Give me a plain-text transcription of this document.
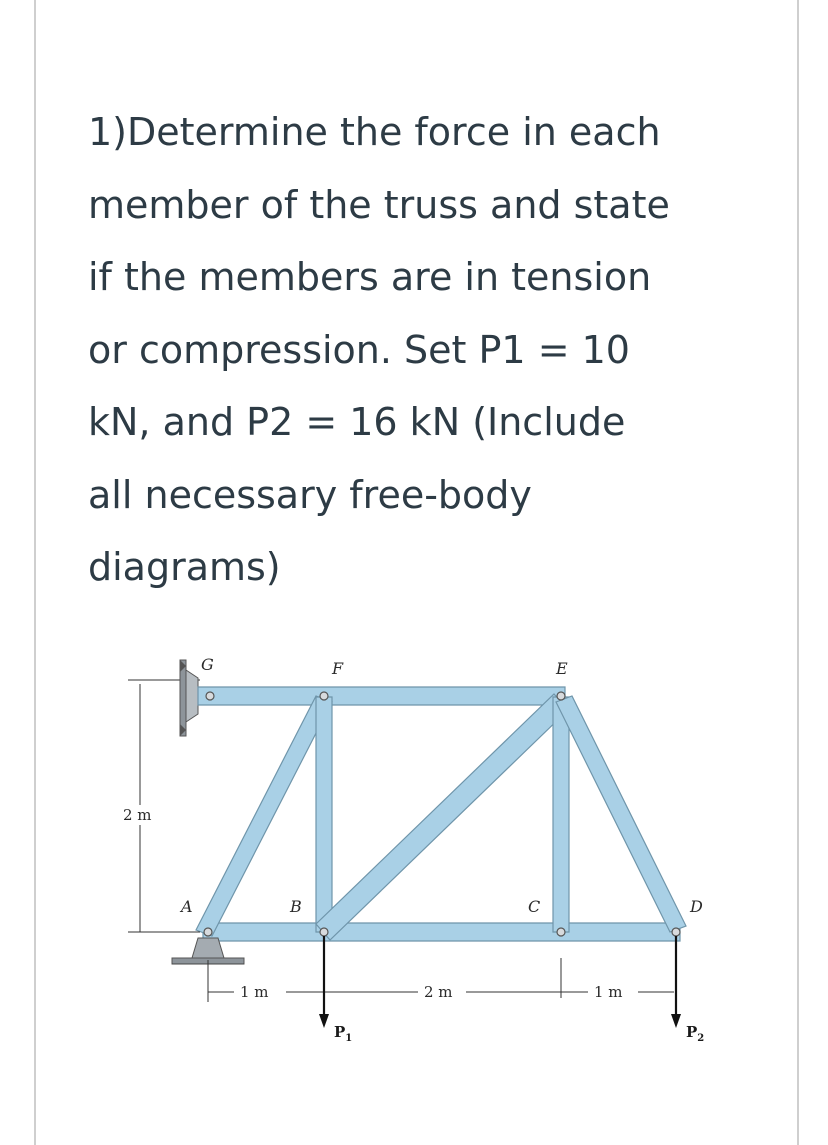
1)Determine the force in each
member of the truss and state
if the members are in tension
or compression. Set P1 = 10
kN, and P2 = 16 kN (Include
all necessary free-body
diagrams)

2 m
1 m	2 m	1 m
$P_1$	$P_2$
G	F	E
A	B	C	D
